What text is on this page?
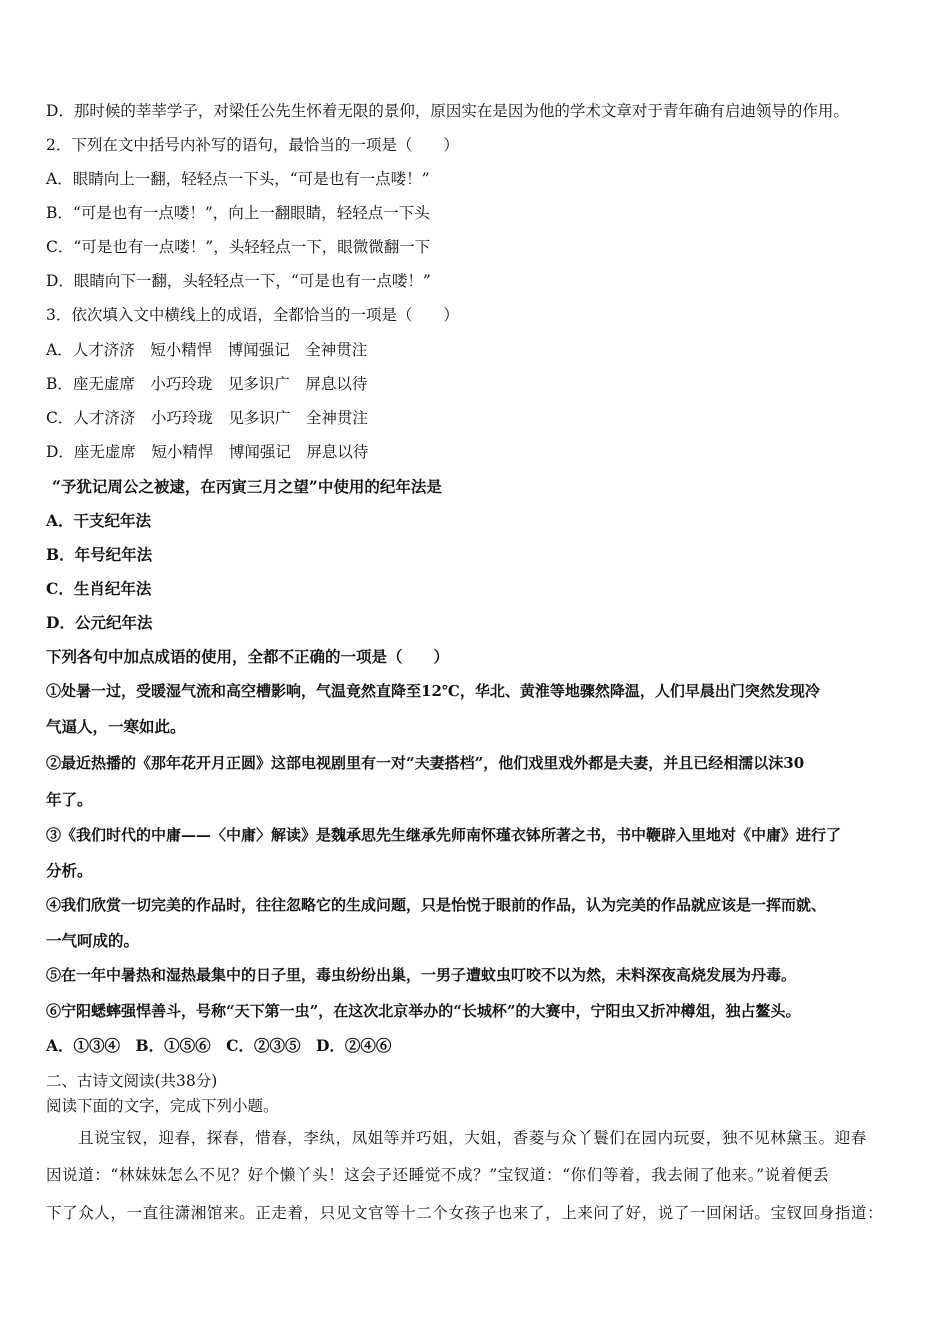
D．那时候的莘莘学子，对梁任公先生怀着无限的景仰，原因实在是因为他的学术文章对于青年确有启迪领导的作用。
2．下列在文中括号内补写的语句，最恰当的一项是（　　）
A．眼睛向上一翻，轻轻点一下头，“可是也有一点喽！”
B．“可是也有一点喽！”，向上一翻眼睛，轻轻点一下头
C．“可是也有一点喽！”，头轻轻点一下，眼微微翻一下
D．眼睛向下一翻，头轻轻点一下，“可是也有一点喽！”
3．依次填入文中横线上的成语，全都恰当的一项是（　　）
A．人才济济　短小精悍　博闻强记　全神贯注
B．座无虚席　小巧玲珑　见多识广　屏息以待
C．人才济济　小巧玲珑　见多识广　全神贯注
D．座无虚席　短小精悍　博闻强记　屏息以待
“予犹记周公之被逮，在丙寅三月之望”中使用的纪年法是
A．干支纪年法
B．年号纪年法
C．生肖纪年法
D．公元纪年法
下列各句中加点成语的使用，全都不正确的一项是（　　）
①处暑一过，受暖湿气流和高空槽影响，气温竟然直降至12℃，华北、黄淮等地骤然降温，人们早晨出门突然发现冷
气逼人，一寒如此。
②最近热播的《那年花开月正圆》这部电视剧里有一对“夫妻搭档”，他们戏里戏外都是夫妻，并且已经相濡以沫30
年了。
③《我们时代的中庸——〈中庸〉解读》是魏承思先生继承先师南怀瑾衣钵所著之书，书中鞭辟入里地对《中庸》进行了
分析。
④我们欣赏一切完美的作品时，往往忽略它的生成问题，只是怡悦于眼前的作品，认为完美的作品就应该是一挥而就、
一气呵成的。
⑤在一年中暑热和湿热最集中的日子里，毒虫纷纷出巢，一男子遭蚊虫叮咬不以为然，未料深夜高烧发展为丹毒。
⑥宁阳蟋蟀强悍善斗，号称“天下第一虫”，在这次北京举办的“长城杯”的大赛中，宁阳虫又折冲樽俎，独占鳌头。
A．①③④　B．①⑤⑥　C．②③⑤　D．②④⑥
二、古诗文阅读(共38分)
阅读下面的文字，完成下列小题。
且说宝钗，迎春，探春，惜春，李纨，凤姐等并巧姐，大姐，香菱与众丫鬟们在园内玩耍，独不见林黛玉。迎春
因说道：“林妹妹怎么不见？好个懒丫头！这会子还睡觉不成？”宝钗道：“你们等着，我去闹了他来。”说着便丢
下了众人，一直往潇湘馆来。正走着，只见文官等十二个女孩子也来了，上来问了好，说了一回闲话。宝钗回身指道：
